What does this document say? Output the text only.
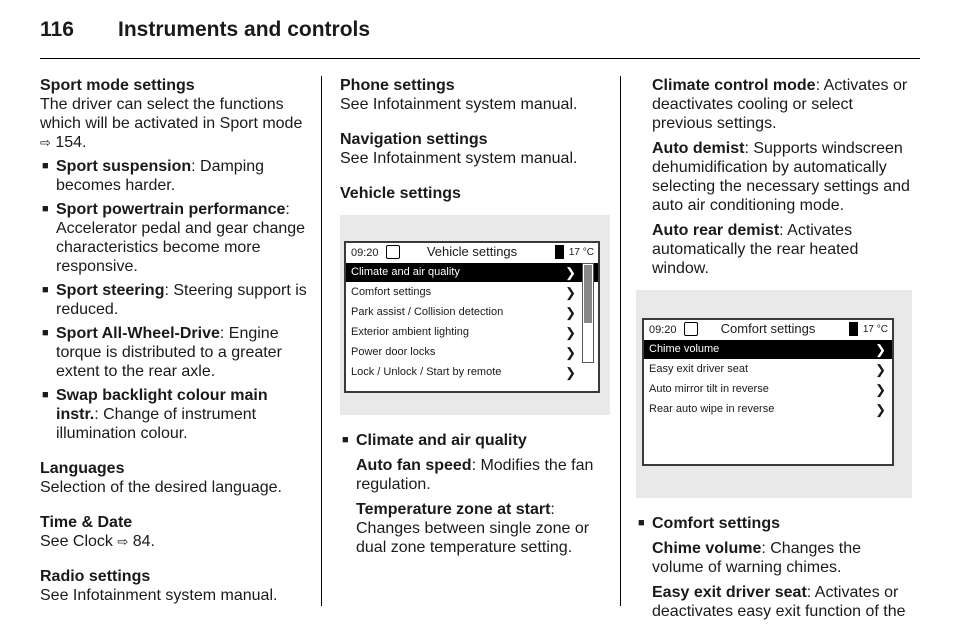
116 Instruments and controls
Sport mode settings
The driver can select the functions which will be activated in Sport mode ⇨ 154.
■ Sport suspension: Damping becomes harder.
■ Sport powertrain performance: Accelerator pedal and gear change characteristics become more responsive.
■ Sport steering: Steering support is reduced.
■ Sport All-Wheel-Drive: Engine torque is distributed to a greater extent to the rear axle.
■ Swap backlight colour main instr.: Change of instrument illumination colour.
Languages
Selection of the desired language.
Time & Date
See Clock ⇨ 84.
Radio settings
See Infotainment system manual.
Phone settings
See Infotainment system manual.
Navigation settings
See Infotainment system manual.
Vehicle settings
09:20	Vehicle settings	17 °C
Climate and air quality	❯
Comfort settings	❯
Park assist / Collision detection	❯
Exterior ambient lighting	❯
Power door locks	❯
Lock / Unlock / Start by remote	❯
■ Climate and air quality

Auto fan speed: Modifies the fan regulation.

Temperature zone at start: Changes between single zone or dual zone temperature setting.

Climate control mode: Activates or deactivates cooling or select previous settings.

Auto demist: Supports windscreen dehumidification by automatically selecting the necessary settings and auto air conditioning mode.

Auto rear demist: Activates automatically the rear heated window.

09:20	Comfort settings	17 °C
Chime volume	❯
Easy exit driver seat	❯
Auto mirror tilt in reverse	❯
Rear auto wipe in reverse	❯
■ Comfort settings

Chime volume: Changes the volume of warning chimes.

Easy exit driver seat: Activates or deactivates easy exit function of the
